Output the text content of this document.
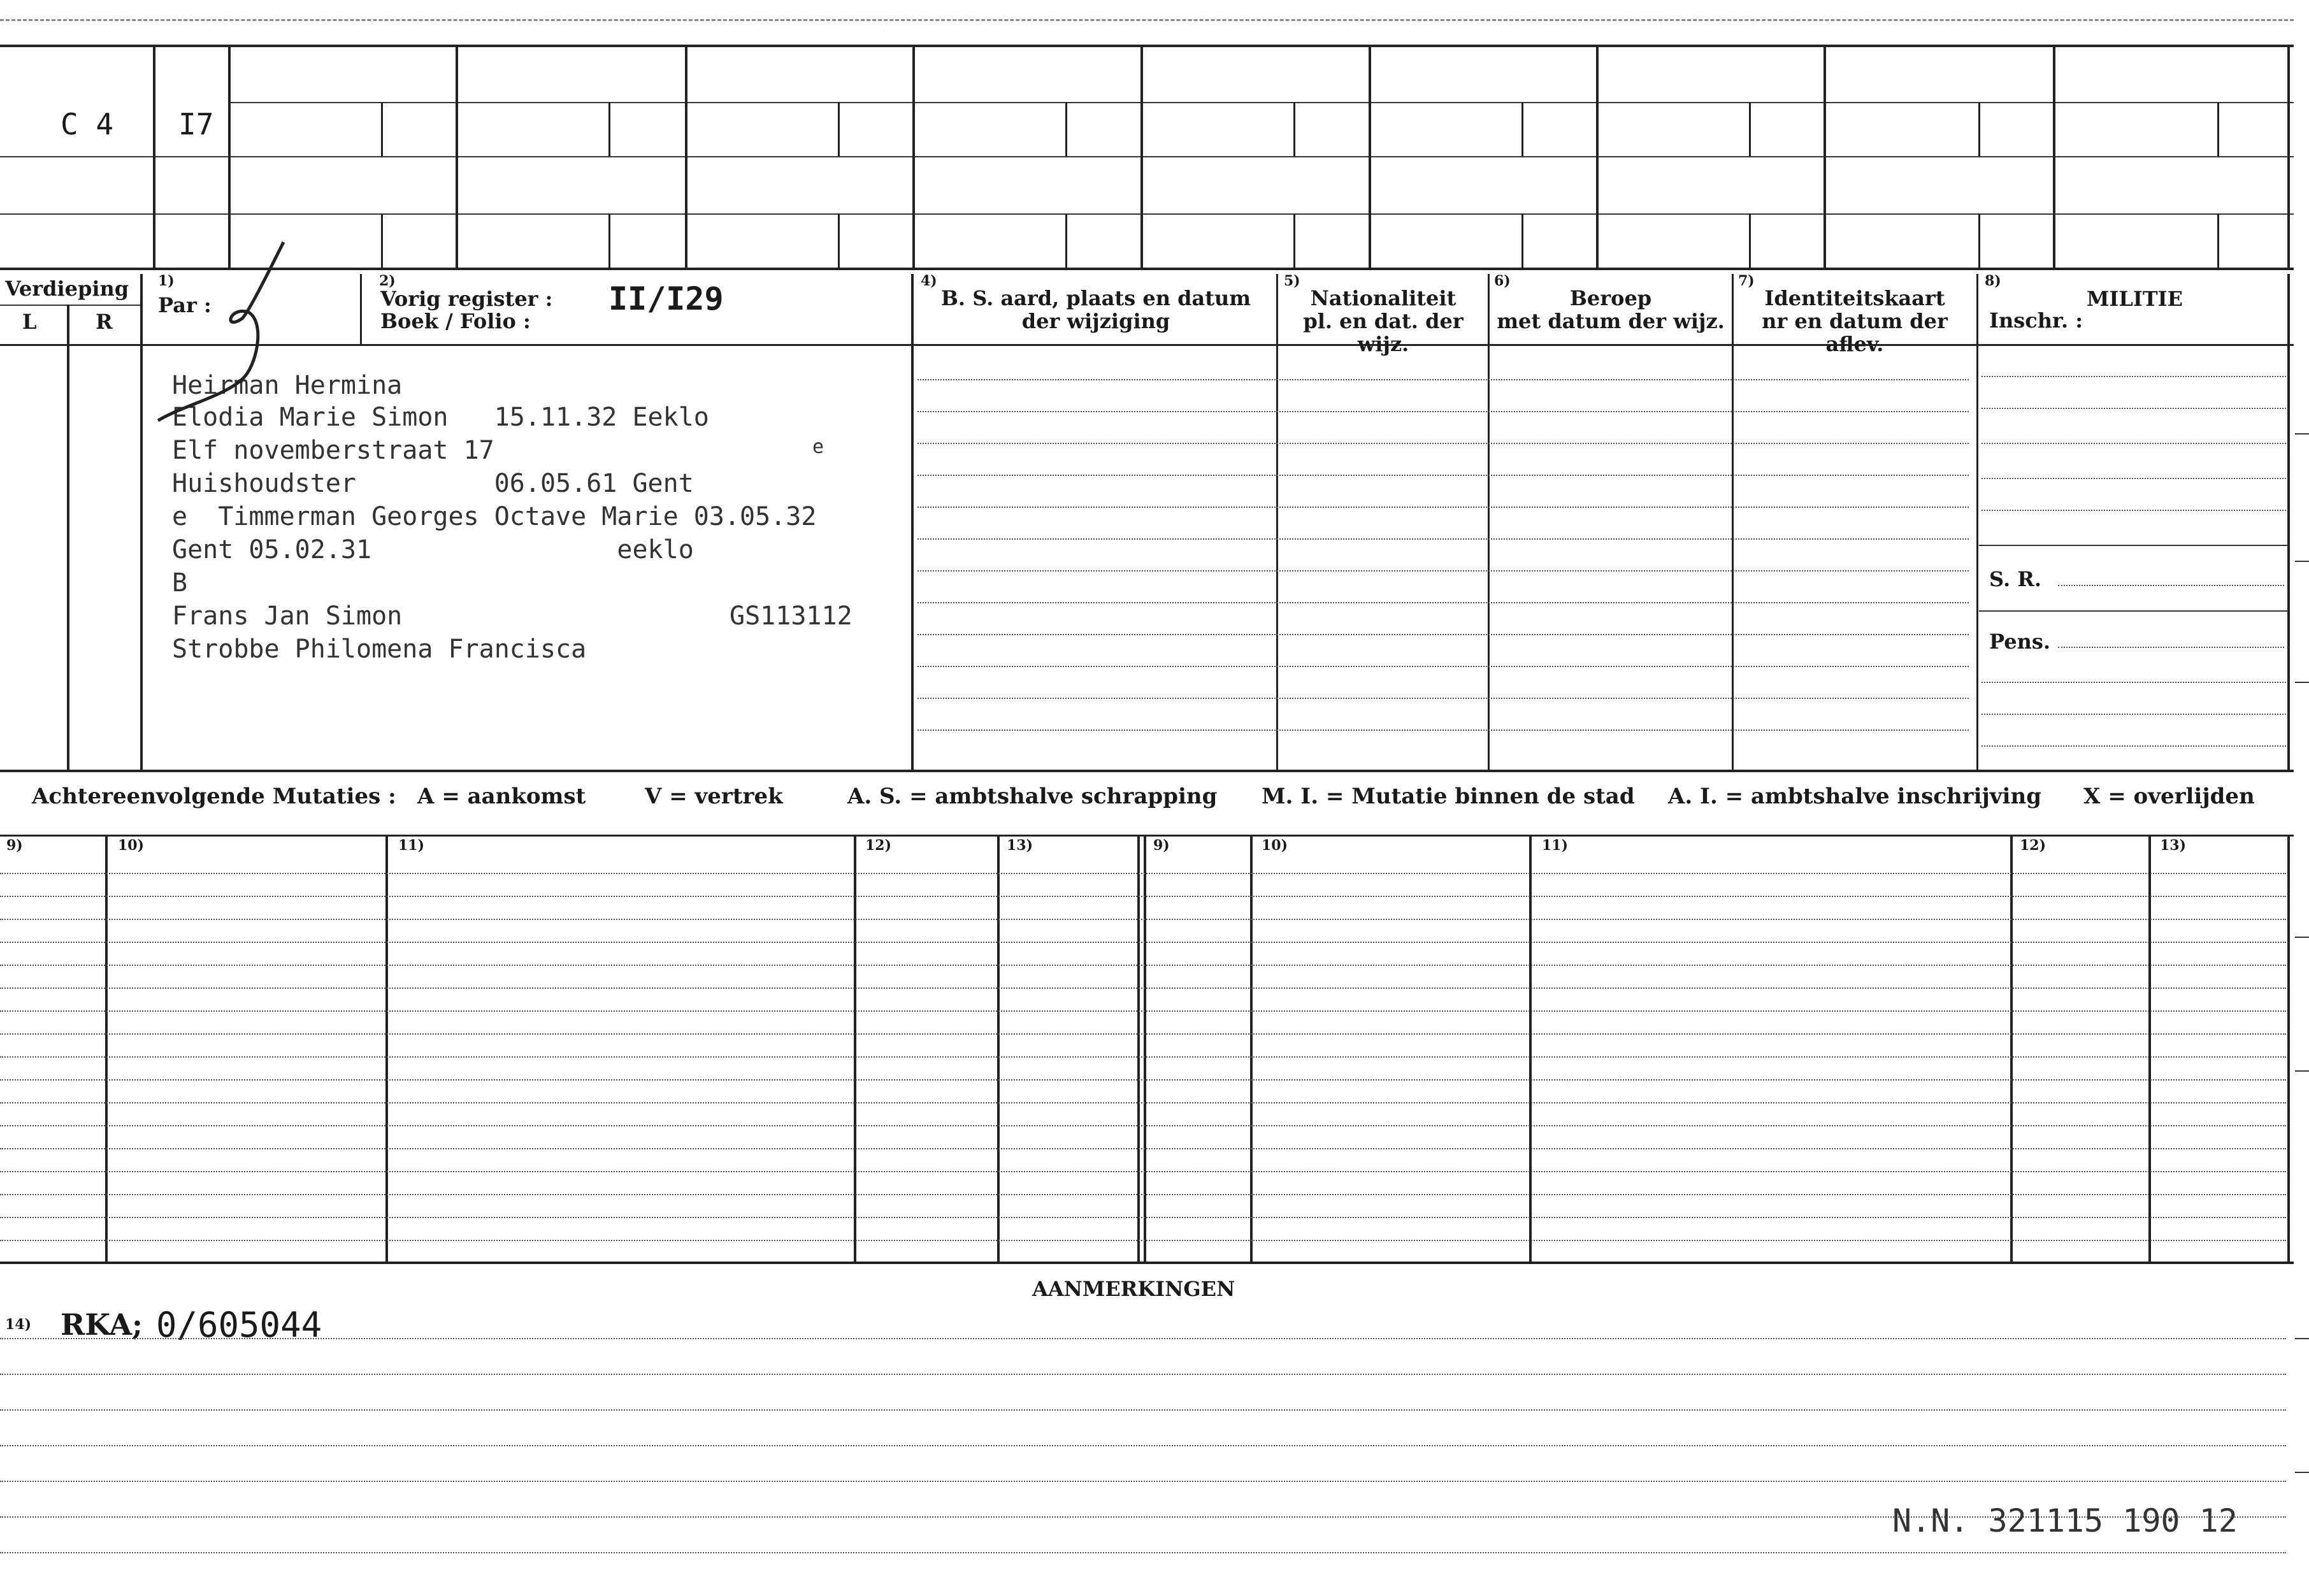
C 4 I7
Verdieping
L	R
1)
Par :
2)
Vorig register :
Boek / Folio :
II/I29	4)
B. S. aard, plaats en datum
der wijziging
5)
Nationaliteit
pl. en dat. der wijz.
6)
Beroep
met datum der wijz.
7)
Identiteitskaart
nr en datum der aflev.
8)
MILITIE
Inschr. :
S. R.
Pens.
Heirman Hermina
Elodia Marie Simon   15.11.32 Eeklo
Elf novemberstraat 17	e
Huishoudster         06.05.61 Gent
e  Timmerman Georges Octave Marie 03.05.32
Gent 05.02.31                eeklo
B
Frans Jan Simon	GS113112
Strobbe Philomena Francisca
Achtereenvolgende Mutaties : A = aankomst	V = vertrek	A. S. = ambtshalve schrapping M. I. = Mutatie binnen de stad A. I. = ambtshalve inschrijving X = overlijden
9)	10)	11)	12)	13)	9)	10)	11)	12)	13)
AANMERKINGEN
14) RKA; 0/605044
N.N. 321115 190 12
